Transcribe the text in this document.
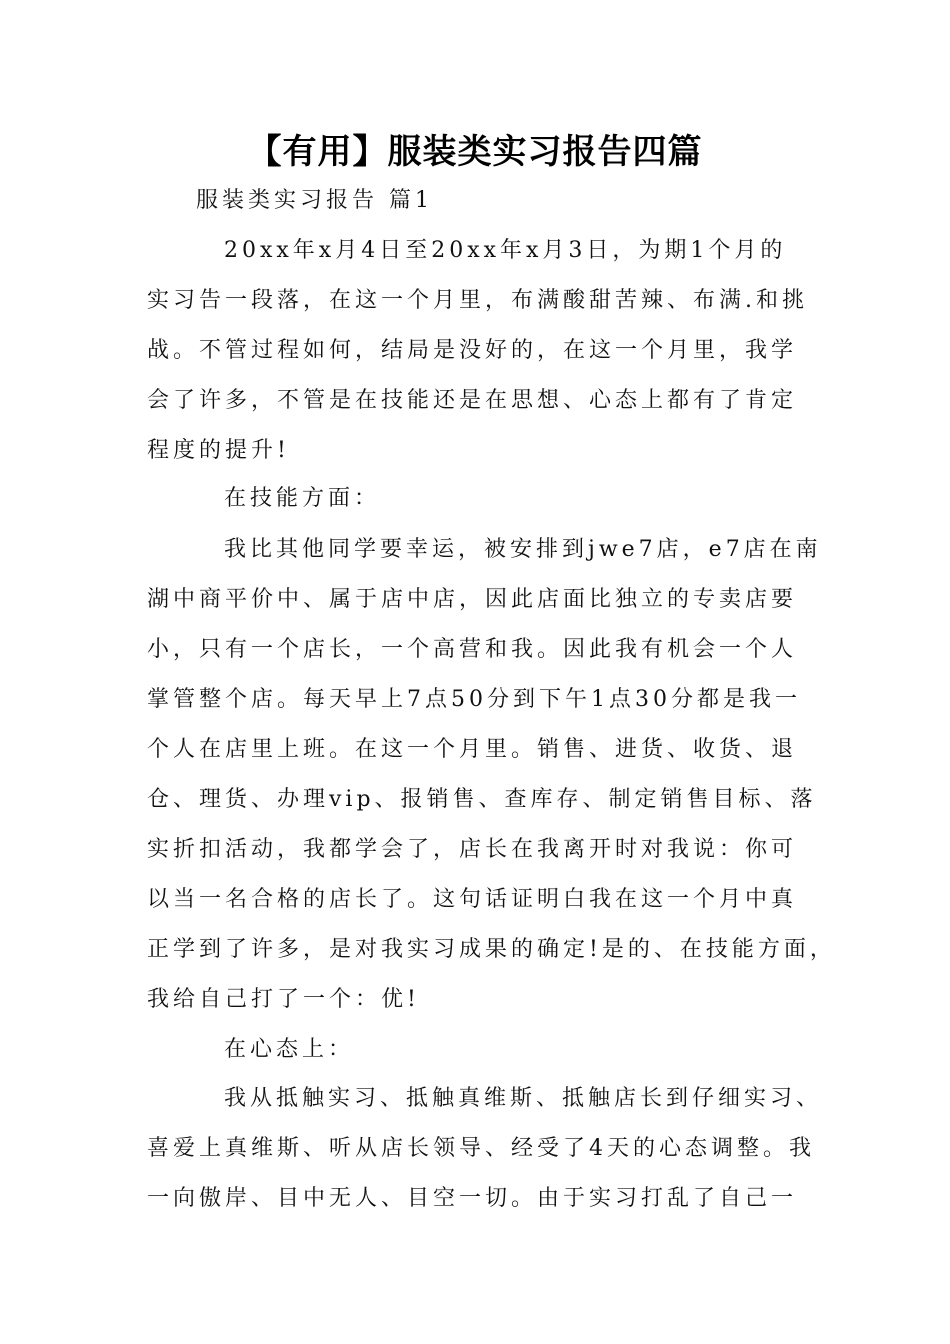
【有用】服装类实习报告四篇
服装类实习报告 篇1
20xx年x月4日至20xx年x月3日，为期1个月的
实习告一段落，在这一个月里，布满酸甜苦辣、布满.和挑
战。不管过程如何，结局是没好的，在这一个月里，我学
会了许多，不管是在技能还是在思想、心态上都有了肯定
程度的提升!
在技能方面：
我比其他同学要幸运，被安排到jwe7店，e7店在南
湖中商平价中、属于店中店，因此店面比独立的专卖店要
小，只有一个店长，一个高营和我。因此我有机会一个人
掌管整个店。每天早上7点50分到下午1点30分都是我一
个人在店里上班。在这一个月里。销售、进货、收货、退
仓、理货、办理vip、报销售、查库存、制定销售目标、落
实折扣活动，我都学会了，店长在我离开时对我说：你可
以当一名合格的店长了。这句话证明白我在这一个月中真
正学到了许多，是对我实习成果的确定!是的、在技能方面，
我给自己打了一个：优!
在心态上：
我从抵触实习、抵触真维斯、抵触店长到仔细实习、
喜爱上真维斯、听从店长领导、经受了4天的心态调整。我
一向傲岸、目中无人、目空一切。由于实习打乱了自己一
